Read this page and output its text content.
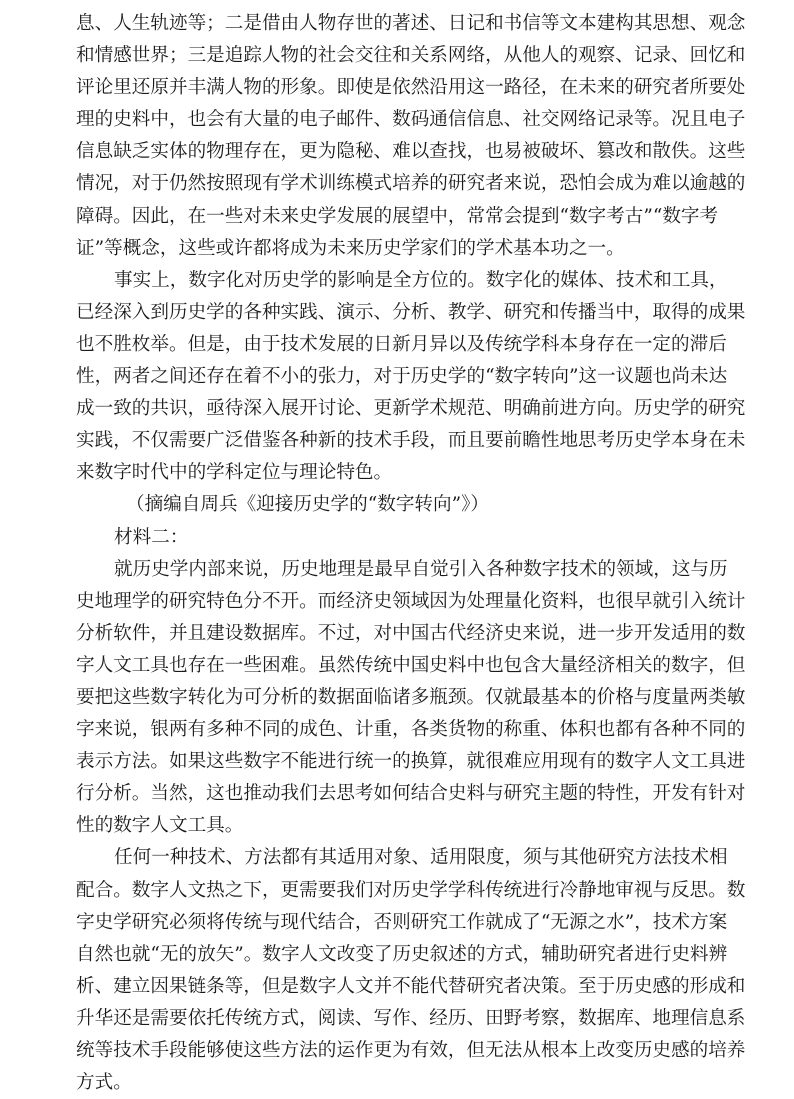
息、人生轨迹等；二是借由人物存世的著述、日记和书信等文本建构其思想、观念
和情感世界；三是追踪人物的社会交往和关系网络，从他人的观察、记录、回忆和
评论里还原并丰满人物的形象。即使是依然沿用这一路径，在未来的研究者所要处
理的史料中，也会有大量的电子邮件、数码通信信息、社交网络记录等。况且电子
信息缺乏实体的物理存在，更为隐秘、难以查找，也易被破坏、篡改和散佚。这些
情况，对于仍然按照现有学术训练模式培养的研究者来说，恐怕会成为难以逾越的
障碍。因此，在一些对未来史学发展的展望中，常常会提到“数字考古”“数字考
证”等概念，这些或许都将成为未来历史学家们的学术基本功之一。
事实上，数字化对历史学的影响是全方位的。数字化的媒体、技术和工具，
已经深入到历史学的各种实践、演示、分析、教学、研究和传播当中，取得的成果
也不胜枚举。但是，由于技术发展的日新月异以及传统学科本身存在一定的滞后
性，两者之间还存在着不小的张力，对于历史学的“数字转向”这一议题也尚未达
成一致的共识，亟待深入展开讨论、更新学术规范、明确前进方向。历史学的研究
实践，不仅需要广泛借鉴各种新的技术手段，而且要前瞻性地思考历史学本身在未
来数字时代中的学科定位与理论特色。
（摘编自周兵《迎接历史学的“数字转向”》）
材料二：
就历史学内部来说，历史地理是最早自觉引入各种数字技术的领域，这与历
史地理学的研究特色分不开。而经济史领域因为处理量化资料，也很早就引入统计
分析软件，并且建设数据库。不过，对中国古代经济史来说，进一步开发适用的数
字人文工具也存在一些困难。虽然传统中国史料中也包含大量经济相关的数字，但
要把这些数字转化为可分析的数据面临诸多瓶颈。仅就最基本的价格与度量两类敏
字来说，银两有多种不同的成色、计重，各类货物的称重、体积也都有各种不同的
表示方法。如果这些数字不能进行统一的换算，就很难应用现有的数字人文工具进
行分析。当然，这也推动我们去思考如何结合史料与研究主题的特性，开发有针对
性的数字人文工具。
任何一种技术、方法都有其适用对象、适用限度，须与其他研究方法技术相
配合。数字人文热之下，更需要我们对历史学学科传统进行冷静地审视与反思。数
字史学研究必须将传统与现代结合，否则研究工作就成了“无源之水”，技术方案
自然也就“无的放矢”。数字人文改变了历史叙述的方式，辅助研究者进行史料辨
析、建立因果链条等，但是数字人文并不能代替研究者决策。至于历史感的形成和
升华还是需要依托传统方式，阅读、写作、经历、田野考察，数据库、地理信息系
统等技术手段能够使这些方法的运作更为有效，但无法从根本上改变历史感的培养
方式。
